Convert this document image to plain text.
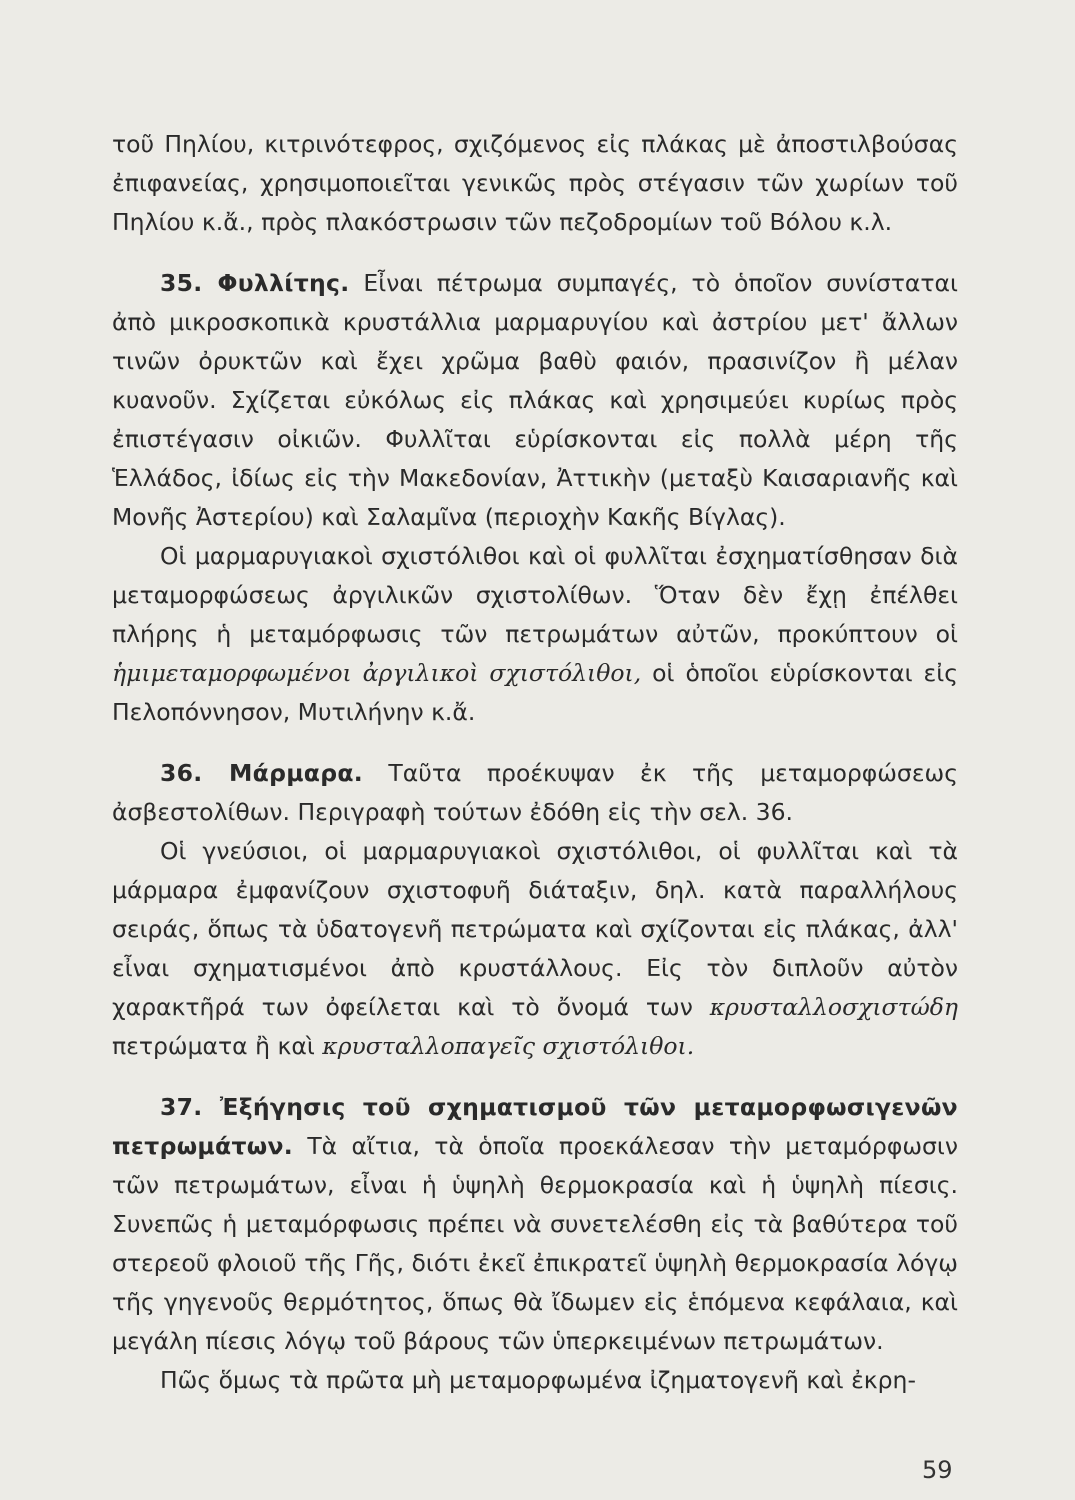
τοῦ Πηλίου, κιτρινότεφρος, σχιζόμενος εἰς πλάκας μὲ ἀποστιλβούσας ἐπιφανείας, χρησιμοποιεῖται γενικῶς πρὸς στέγασιν τῶν χωρίων τοῦ Πηλίου κ.ἄ., πρὸς πλακόστρωσιν τῶν πεζοδρομίων τοῦ Βόλου κ.λ.

35. Φυλλίτης. Εἶναι πέτρωμα συμπαγές, τὸ ὁποῖον συνίσταται ἀπὸ μικροσκοπικὰ κρυστάλλια μαρμαρυγίου καὶ ἀστρίου μετ' ἄλλων τινῶν ὀρυκτῶν καὶ ἔχει χρῶμα βαθὺ φαιόν, πρασινίζον ἢ μέλαν κυανοῦν. Σχίζεται εὐκόλως εἰς πλάκας καὶ χρησιμεύει κυρίως πρὸς ἐπιστέγασιν οἰκιῶν. Φυλλῖται εὑρίσκονται εἰς πολλὰ μέρη τῆς Ἑλλάδος, ἰδίως εἰς τὴν Μακεδονίαν, Ἀττικὴν (μεταξὺ Καισαριανῆς καὶ Μονῆς Ἀστερίου) καὶ Σαλαμῖνα (περιοχὴν Κακῆς Βίγλας).

Οἱ μαρμαρυγιακοὶ σχιστόλιθοι καὶ οἱ φυλλῖται ἐσχηματίσθησαν διὰ μεταμορφώσεως ἀργιλικῶν σχιστολίθων. Ὅταν δὲν ἔχῃ ἐπέλθει πλήρης ἡ μεταμόρφωσις τῶν πετρωμάτων αὐτῶν, προκύπτουν οἱ ἡμιμεταμορφωμένοι ἀργιλικοὶ σχιστόλιθοι, οἱ ὁποῖοι εὑρίσκονται εἰς Πελοπόννησον, Μυτιλήνην κ.ἄ.

36. Μάρμαρα. Ταῦτα προέκυψαν ἐκ τῆς μεταμορφώσεως ἀσβεστολίθων. Περιγραφὴ τούτων ἐδόθη εἰς τὴν σελ. 36.

Οἱ γνεύσιοι, οἱ μαρμαρυγιακοὶ σχιστόλιθοι, οἱ φυλλῖται καὶ τὰ μάρμαρα ἐμφανίζουν σχιστοφυῆ διάταξιν, δηλ. κατὰ παραλλήλους σειράς, ὅπως τὰ ὑδατογενῆ πετρώματα καὶ σχίζονται εἰς πλάκας, ἀλλ' εἶναι σχηματισμένοι ἀπὸ κρυστάλλους. Εἰς τὸν διπλοῦν αὐτὸν χαρακτῆρά των ὀφείλεται καὶ τὸ ὄνομά των κρυσταλλοσχιστώδη πετρώματα ἢ καὶ κρυσταλλοπαγεῖς σχιστόλιθοι.

37. Ἐξήγησις τοῦ σχηματισμοῦ τῶν μεταμορφωσιγενῶν πετρωμάτων. Τὰ αἴτια, τὰ ὁποῖα προεκάλεσαν τὴν μεταμόρφωσιν τῶν πετρωμάτων, εἶναι ἡ ὑψηλὴ θερμοκρασία καὶ ἡ ὑψηλὴ πίεσις. Συνεπῶς ἡ μεταμόρφωσις πρέπει νὰ συνετελέσθη εἰς τὰ βαθύτερα τοῦ στερεοῦ φλοιοῦ τῆς Γῆς, διότι ἐκεῖ ἐπικρατεῖ ὑψηλὴ θερμοκρασία λόγῳ τῆς γηγενοῦς θερμότητος, ὅπως θὰ ἴδωμεν εἰς ἑπόμενα κεφάλαια, καὶ μεγάλη πίεσις λόγῳ τοῦ βάρους τῶν ὑπερκειμένων πετρωμάτων.

Πῶς ὅμως τὰ πρῶτα μὴ μεταμορφωμένα ἰζηματογενῆ καὶ ἐκρη-

59
